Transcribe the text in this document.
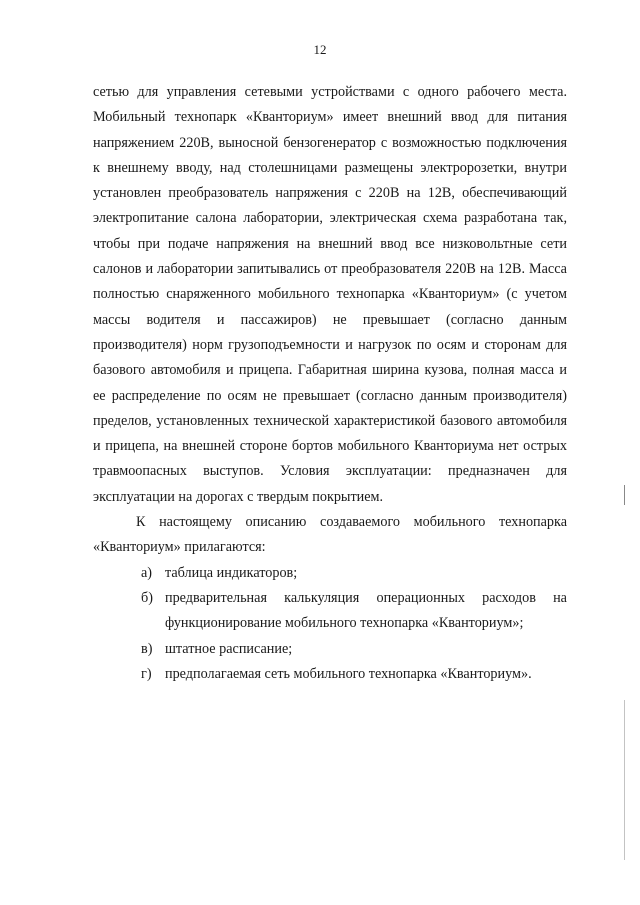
12

сетью для управления сетевыми устройствами с одного рабочего места. Мобильный технопарк «Кванториум» имеет внешний ввод для питания напряжением 220В, выносной бензогенератор с возможностью подключения к внешнему вводу, над столешницами размещены электророзетки, внутри установлен преобразователь напряжения с 220В на 12В, обеспечивающий электропитание салона лаборатории, электрическая схема разработана так, чтобы при подаче напряжения на внешний ввод все низковольтные сети салонов и лаборатории запитывались от преобразователя 220В на 12В. Масса полностью снаряженного мобильного технопарка «Кванториум» (с учетом массы водителя и пассажиров) не превышает (согласно данным производителя) норм грузоподъемности и нагрузок по осям и сторонам для базового автомобиля и прицепа. Габаритная ширина кузова, полная масса и ее распределение по осям не превышает (согласно данным производителя) пределов, установленных технической характеристикой базового автомобиля и прицепа, на внешней стороне бортов мобильного Кванториума нет острых травмоопасных выступов. Условия эксплуатации: предназначен для эксплуатации на дорогах с твердым покрытием.

К настоящему описанию создаваемого мобильного технопарка «Кванториум» прилагаются:

а) таблица индикаторов;
б) предварительная калькуляция операционных расходов на функционирование мобильного технопарка «Кванториум»;
в) штатное расписание;
г) предполагаемая сеть мобильного технопарка «Кванториум».
